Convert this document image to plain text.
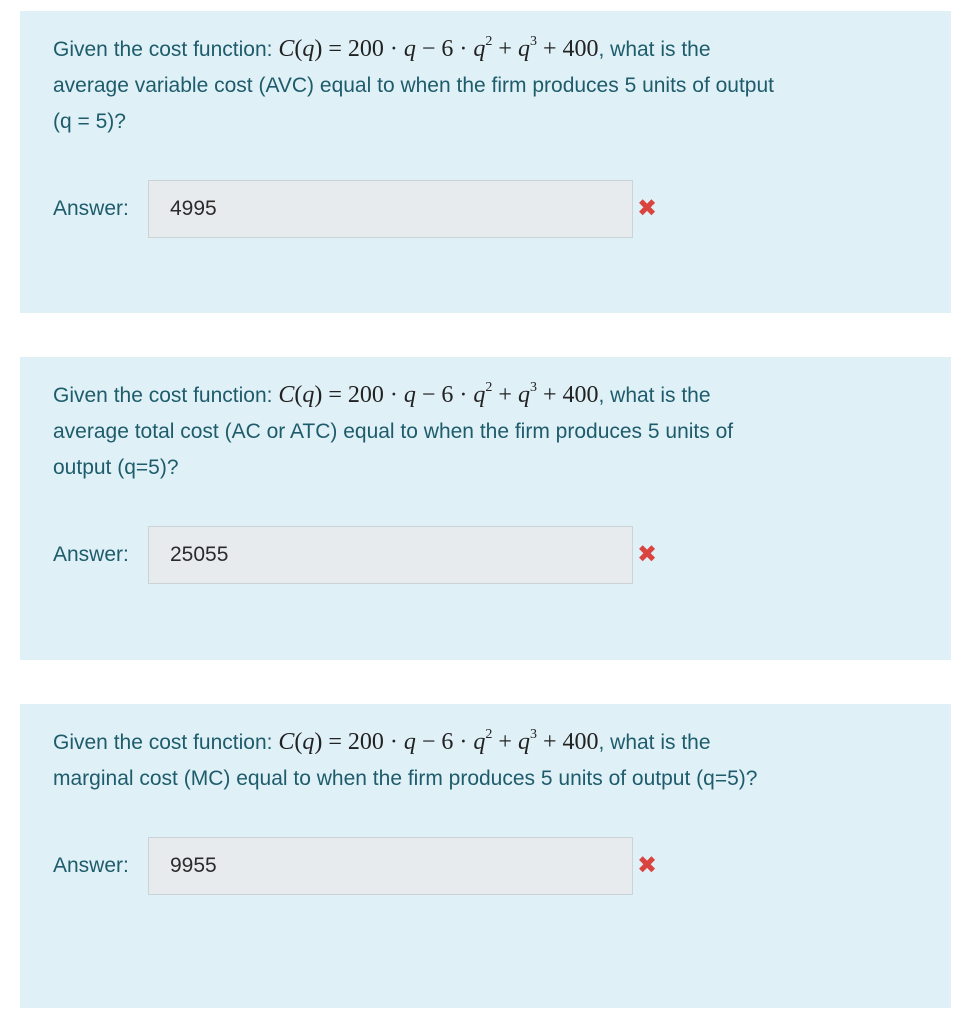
Given the cost function: $C(q) = 200 \cdot q - 6 \cdot q^2 + q^3 + 400$, what is the
average variable cost (AVC) equal to when the firm produces 5 units of output
(q = 5)?
Answer:
4995	✖
Given the cost function: $C(q) = 200 \cdot q - 6 \cdot q^2 + q^3 + 400$, what is the
average total cost (AC or ATC) equal to when the firm produces 5 units of
output (q=5)?
Answer:
25055	✖
Given the cost function: $C(q) = 200 \cdot q - 6 \cdot q^2 + q^3 + 400$, what is the
marginal cost (MC) equal to when the firm produces 5 units of output (q=5)?
Answer:
9955	✖
